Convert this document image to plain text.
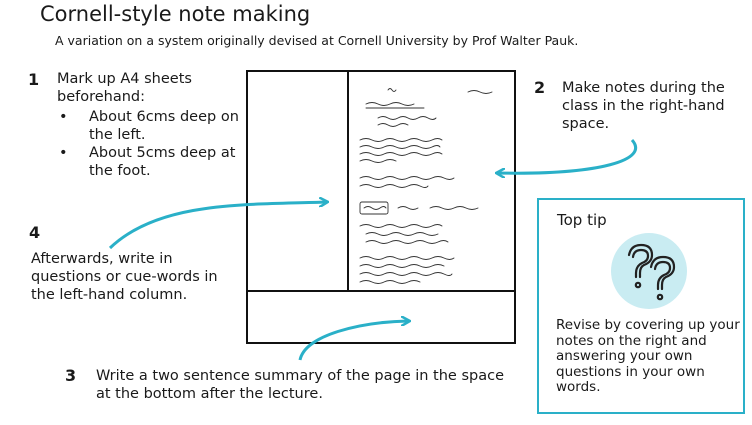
Cornell-style note making
A variation on a system originally devised at Cornell University by Prof Walter Pauk.
1 Mark up A4 sheets beforehand:
• About 6cms deep on the left.
• About 5cms deep at the foot.
2 Make notes during the class in the right-hand space.
4
Afterwards, write in questions or cue-words in the left-hand column.
3 Write a two sentence summary of the page in the space at the bottom after the lecture.
Top tip
Revise by covering up your notes on the right and answering your own questions in your own words.
